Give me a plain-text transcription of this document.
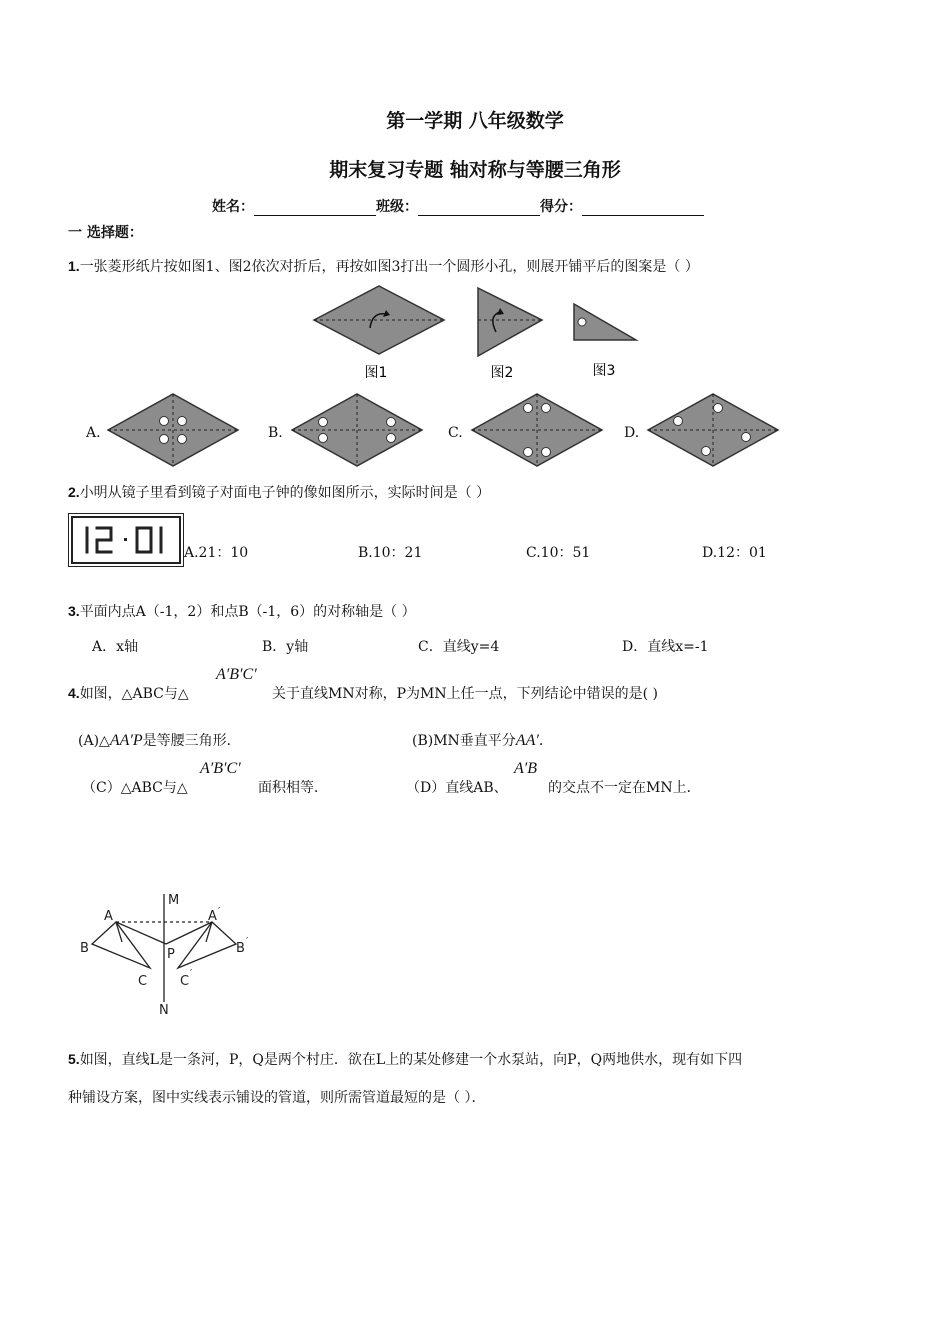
第一学期 八年级数学
期末复习专题 轴对称与等腰三角形
姓名：	班级：	得分：
一 选择题：
1.一张菱形纸片按如图1、图2依次对折后，再按如图3打出一个圆形小孔，则展开铺平后的图案是（ ）
图1	图2	图3
A.	B.	C.	D.
2.小明从镜子里看到镜子对面电子钟的像如图所示，实际时间是（ ）
A.21：10	B.10：21	C.10：51	D.12：01
3.平面内点A（-1，2）和点B（-1，6）的对称轴是（ ）
A．x轴	B．y轴	C．直线y=4	D．直线x=-1
4.如图，△ABC与△
A′B′C′
关于直线MN对称，P为MN上任一点，下列结论中错误的是( )
(A)△AA′P是等腰三角形．	(B)MN垂直平分AA′．
（C）△ABC与△
A′B′C′
面积相等．	（D）直线AB、
A′B
的交点不一定在MN上．
M
N
P
A
B
C
A ′
B ′
C
′
5.如图，直线L是一条河，P，Q是两个村庄．欲在L上的某处修建一个水泵站，向P，Q两地供水，现有如下四
种铺设方案，图中实线表示铺设的管道，则所需管道最短的是（ ）．
